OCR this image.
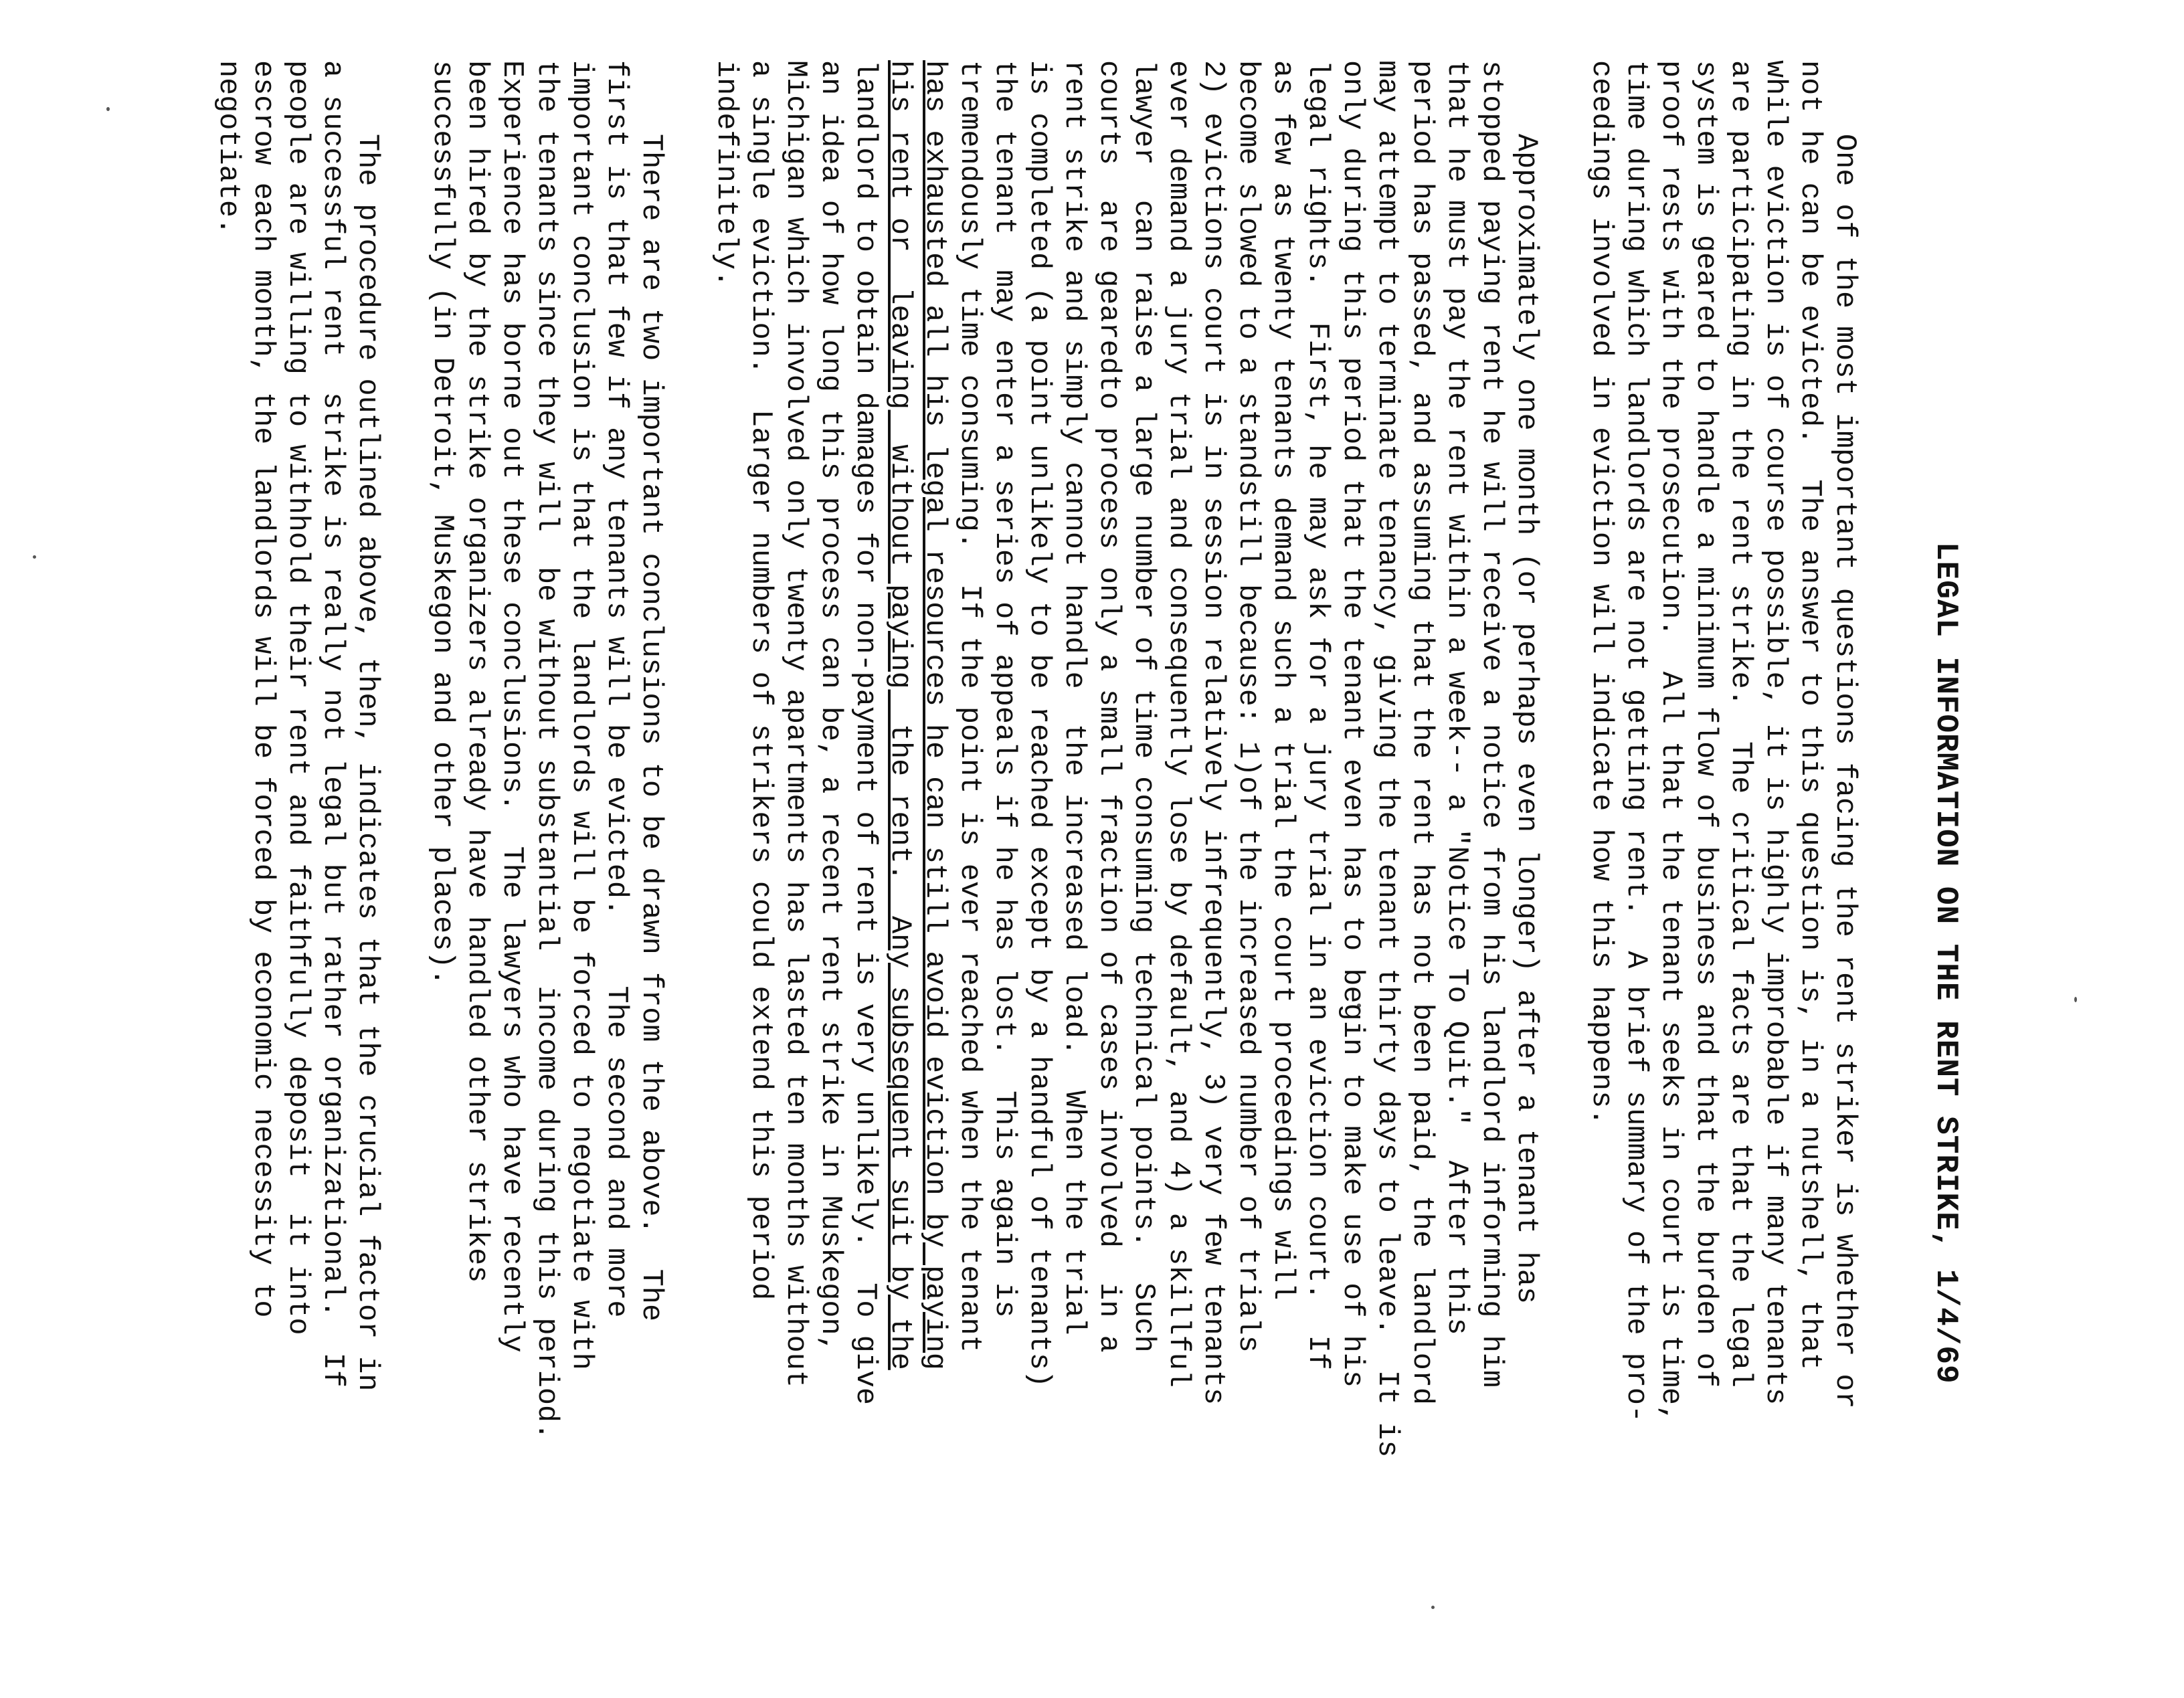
LEGAL INFORMATION ON THE RENT STRIKE, 1/4/69
One of the most important questions facing the rent striker is whether or
not he can be evicted.  The answer to this question is, in a nutshell, that
while eviction is of course possible, it is highly improbable if many tenants
are participating in the rent strike.  The critical facts are that the legal
system is geared to handle a minimum flow of business and that the burden of
proof rests with the prosecution.  All that the tenant seeks in court is time,
time during which landlords are not getting rent.  A brief summary of the pro-
ceedings involved in eviction will indicate how this happens.
Approximately one month (or perhaps even longer) after a tenant has
stopped paying rent he will receive a notice from his landlord informing him
that he must pay the rent within a week-- a "Notice To Quit."  After this
period has passed, and assuming that the rent has not been paid, the landlord
may attempt to terminate tenancy, giving the tenant thirty days to leave.  It is
only during this period that the tenant even has to begin to make use of his
legal rights.  First, he may ask for a jury trial in an eviction court.  If
as few as twenty tenants demand such a trial the court proceedings will
become slowed to a standstill because: 1)of the increased number of trials
2) evictions court is in session relatively infrequently, 3) very few tenants
ever demand a jury trial and consequently lose by default, and 4) a skillful
lawyer  can raise a large number of time consuming technical points.  Such
courts  are gearedto process only a small fraction of cases involved  in a
rent strike and simply cannot handle  the increased load.  When the trial
is completed (a point unlikely to be reached except by a handful of tenants)
the tenant  may enter a series of appeals if he has lost.  This again is
tremendously time consuming.  If the point is ever reached when the tenant
has exhausted all his legal resources he can still avoid eviction by paying
his rent or  leaving  without paying  the rent.  Any subsequent suit by the
landlord to obtain damages for non-payment of rent is very unlikely.  To give
an idea of how long this process can be, a recent rent strike in Muskegon,
Michigan which involved only twenty apartments has lasted ten months without
a single eviction.  Larger numbers of strikers could extend this period
indefinitely.
There are two important conclusions to be drawn from the above.  The
first is that few if any tenants will be evicted.    The second and more
important conclusion is that the landlords will be forced to negotiate with
the tenants since they will  be without substantial  income during this period.
Experience has borne out these conclusions.  The lawyers who have recently
been hired by the strike organizers already have handled other strikes
successfully (in Detroit, Muskegon and other places).
The procedure outlined above, then, indicates that the crucial factor in
a successful rent  strike is really not legal but rather organizational.  If
people are willing to withhold their rent and faithfully deposit  it into
escrow each month, the landlords will be forced by economic necessity to
negotiate.
